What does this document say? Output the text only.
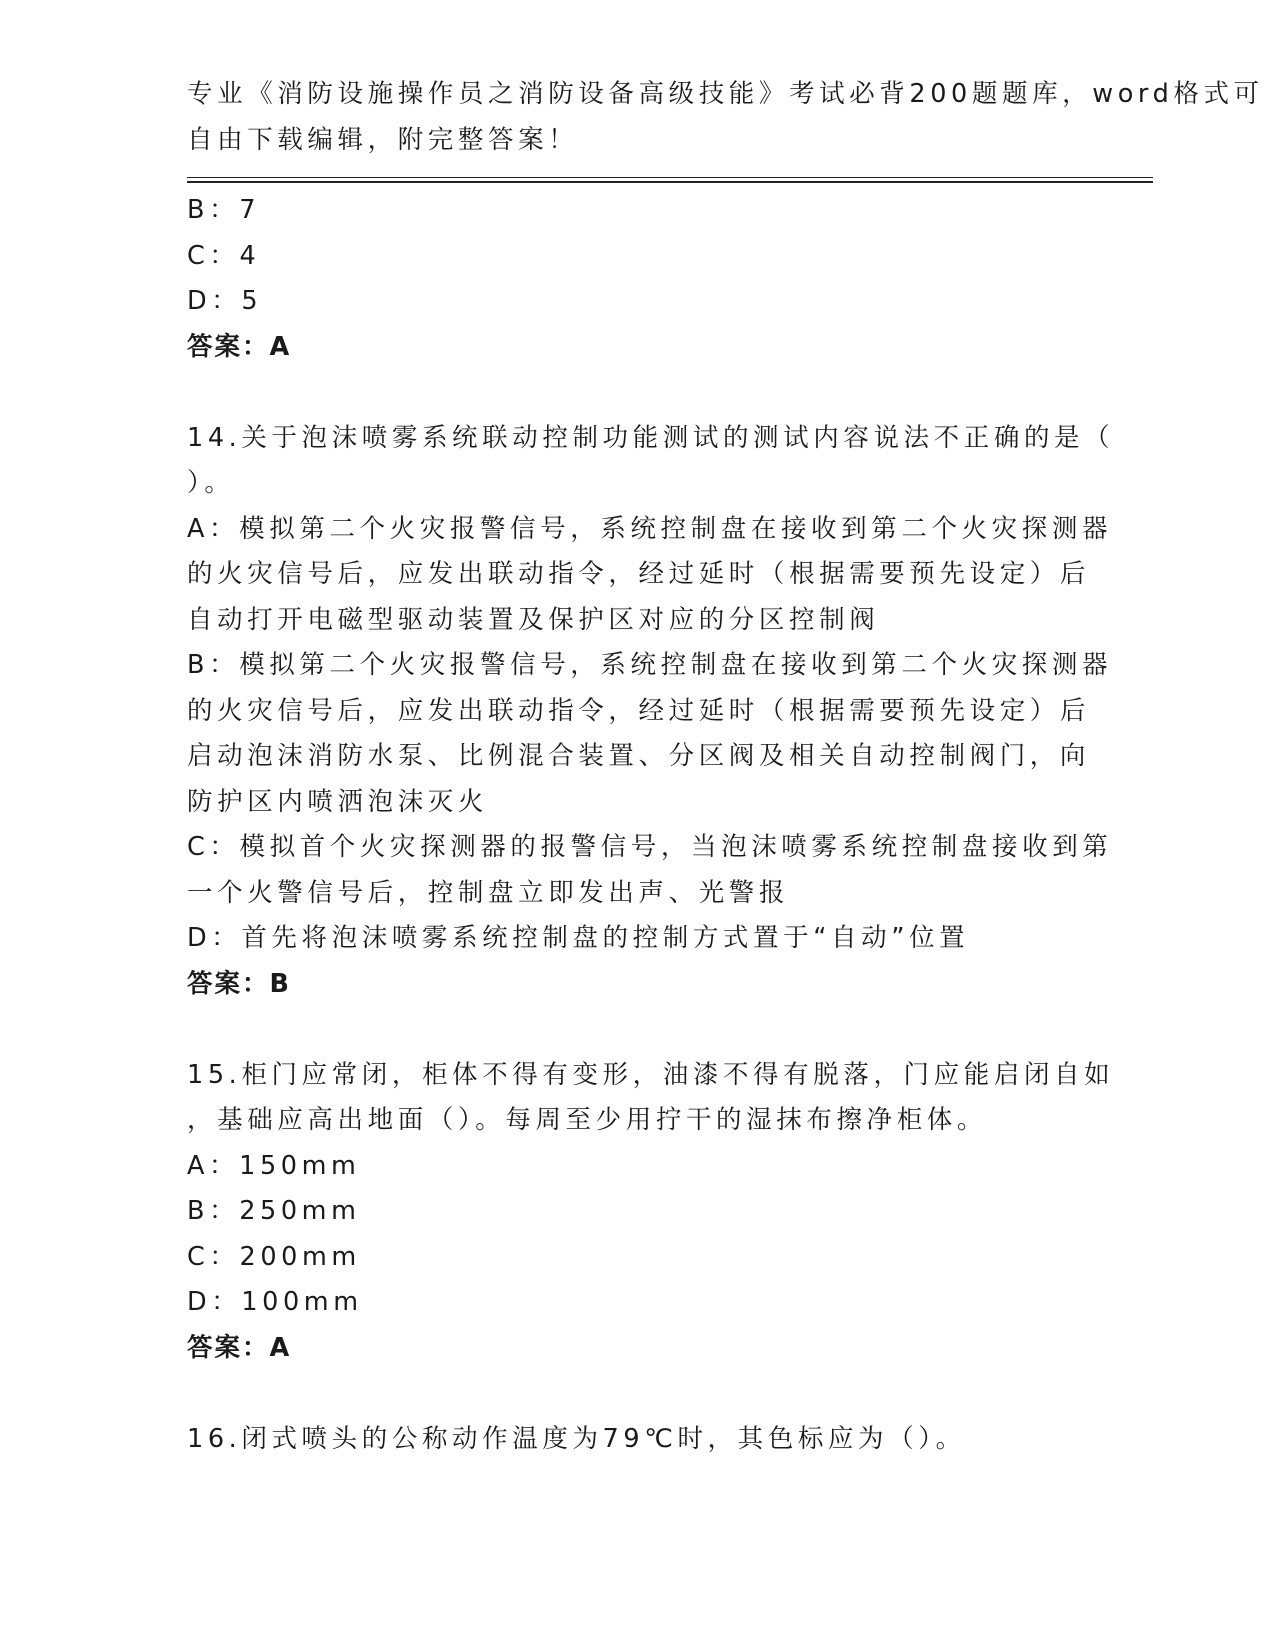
专业《消防设施操作员之消防设备高级技能》考试必背200题题库，word格式可
自由下载编辑，附完整答案！
B：7
C：4
D：5
答案：A
14.关于泡沫喷雾系统联动控制功能测试的测试内容说法不正确的是（
）。
A：模拟第二个火灾报警信号，系统控制盘在接收到第二个火灾探测器
的火灾信号后，应发出联动指令，经过延时（根据需要预先设定）后
自动打开电磁型驱动装置及保护区对应的分区控制阀
B：模拟第二个火灾报警信号，系统控制盘在接收到第二个火灾探测器
的火灾信号后，应发出联动指令，经过延时（根据需要预先设定）后
启动泡沫消防水泵、比例混合装置、分区阀及相关自动控制阀门，向
防护区内喷洒泡沫灭火
C：模拟首个火灾探测器的报警信号，当泡沫喷雾系统控制盘接收到第
一个火警信号后，控制盘立即发出声、光警报
D：首先将泡沫喷雾系统控制盘的控制方式置于“自动”位置
答案：B
15.柜门应常闭，柜体不得有变形，油漆不得有脱落，门应能启闭自如
，基础应高出地面（）。每周至少用拧干的湿抹布擦净柜体。
A：150mm
B：250mm
C：200mm
D：100mm
答案：A
16.闭式喷头的公称动作温度为79℃时，其色标应为（）。
